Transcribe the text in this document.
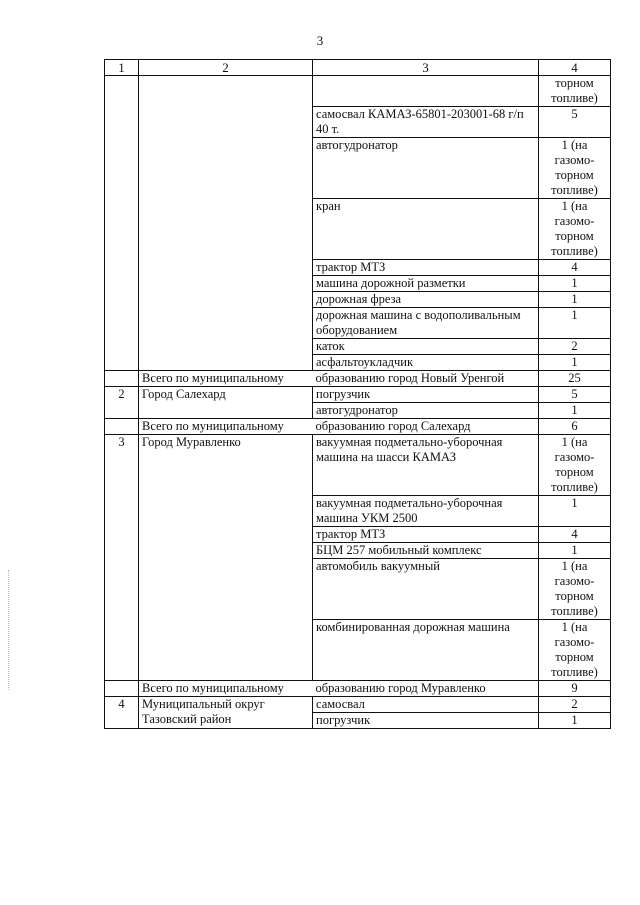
3
1	2	3	4
			торном топливе)
		самосвал КАМАЗ-65801-203001-68 г/п 40 т.	5
		автогудронатор	1 (на газомо-торном топливе)
		кран	1 (на газомо-торном топливе)
		трактор МТЗ	4
		машина дорожной разметки	1
		дорожная фреза	1
		дорожная машина с водополивальным оборудованием	1
		каток	2
		асфальтоукладчик	1
	Всего по муниципальному	образованию город Новый Уренгой	25
2	Город Салехард	погрузчик	5
		автогудронатор	1
	Всего по муниципальному	образованию город Салехард	6
3	Город Муравленко	вакуумная подметально-уборочная машина на шасси КАМАЗ	1 (на газомо-торном топливе)
		вакуумная подметально-уборочная машина УКМ 2500	1
		трактор МТЗ	4
		БЦМ 257 мобильный комплекс	1
		автомобиль вакуумный	1 (на газомо-торном топливе)
		комбинированная дорожная машина	1 (на газомо-торном топливе)
	Всего по муниципальному	образованию город Муравленко	9
4	Муниципальный округ Тазовский район	самосвал	2
		погрузчик	1
